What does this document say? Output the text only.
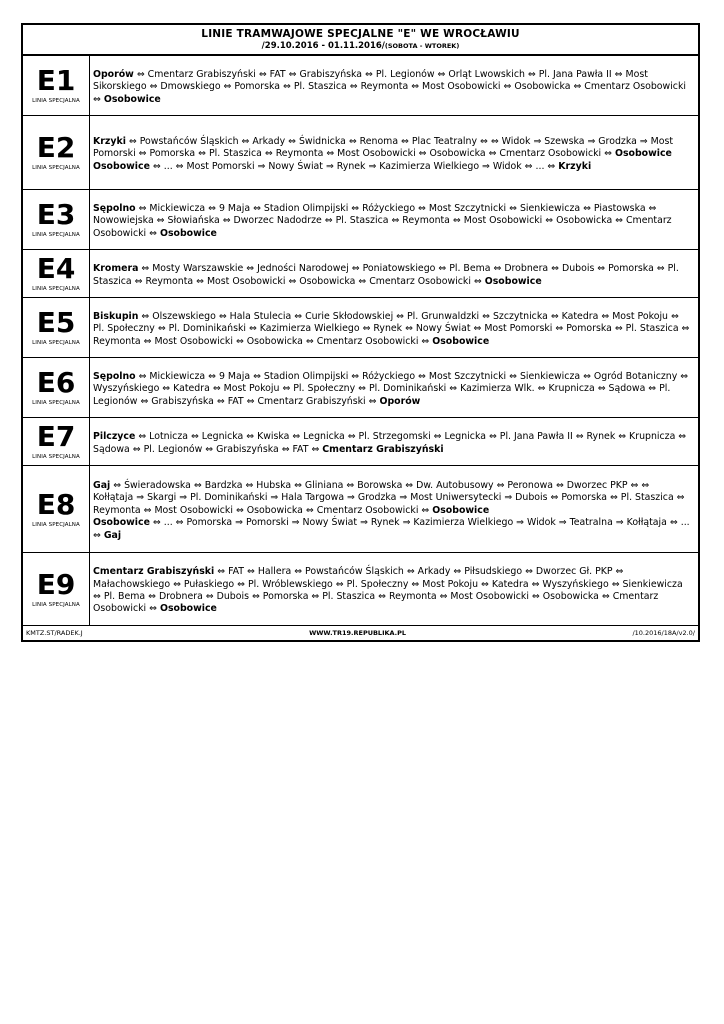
LINIE TRAMWAJOWE SPECJALNE "E" WE WROCŁAWIU
/29.10.2016 - 01.11.2016/(SOBOTA - WTOREK)
E1
LINIA SPECJALNA

Oporów ⇔ Cmentarz Grabiszyński ⇔ FAT ⇔ Grabiszyńska ⇔ Pl. Legionów ⇔ Orląt Lwowskich ⇔ Pl. Jana Pawła II ⇔ Most Sikorskiego ⇔ Dmowskiego ⇔ Pomorska ⇔ Pl. Staszica ⇔ Reymonta ⇔ Most Osobowicki ⇔ Osobowicka ⇔ Cmentarz Osobowicki ⇔ Osobowice

E2
LINIA SPECJALNA

Krzyki ⇔ Powstańców Śląskich ⇔ Arkady ⇔ Świdnicka ⇔ Renoma ⇔ Plac Teatralny ⇔ ⇔ Widok ⇒ Szewska ⇒ Grodzka ⇒ Most Pomorski ⇔ Pomorska ⇔ Pl. Staszica ⇔ Reymonta ⇔ Most Osobowicki ⇔ Osobowicka ⇔ Cmentarz Osobowicki ⇔ Osobowice

Osobowice ⇔ ... ⇔ Most Pomorski ⇒ Nowy Świat ⇒ Rynek ⇒ Kazimierza Wielkiego ⇒ Widok ⇔ ... ⇔ Krzyki

E3
LINIA SPECJALNA

Sępolno ⇔ Mickiewicza ⇔ 9 Maja ⇔ Stadion Olimpijski ⇔ Różyckiego ⇔ Most Szczytnicki ⇔ Sienkiewicza ⇔ Piastowska ⇔ Nowowiejska ⇔ Słowiańska ⇔ Dworzec Nadodrze ⇔ Pl. Staszica ⇔ Reymonta ⇔ Most Osobowicki ⇔ Osobowicka ⇔ Cmentarz Osobowicki ⇔ Osobowice

E4
LINIA SPECJALNA

Kromera ⇔ Mosty Warszawskie ⇔ Jedności Narodowej ⇔ Poniatowskiego ⇔ Pl. Bema ⇔ Drobnera ⇔ Dubois ⇔ Pomorska ⇔ Pl. Staszica ⇔ Reymonta ⇔ Most Osobowicki ⇔ Osobowicka ⇔ Cmentarz Osobowicki ⇔ Osobowice

E5
LINIA SPECJALNA

Biskupin ⇔ Olszewskiego ⇔ Hala Stulecia ⇔ Curie Skłodowskiej ⇔ Pl. Grunwaldzki ⇔ Szczytnicka ⇔ Katedra ⇔ Most Pokoju ⇔ Pl. Społeczny ⇔ Pl. Dominikański ⇔ Kazimierza Wielkiego ⇔ Rynek ⇔ Nowy Świat ⇔ Most Pomorski ⇔ Pomorska ⇔ Pl. Staszica ⇔ Reymonta ⇔ Most Osobowicki ⇔ Osobowicka ⇔ Cmentarz Osobowicki ⇔ Osobowice

E6
LINIA SPECJALNA

Sępolno ⇔ Mickiewicza ⇔ 9 Maja ⇔ Stadion Olimpijski ⇔ Różyckiego ⇔ Most Szczytnicki ⇔ Sienkiewicza ⇔ Ogród Botaniczny ⇔ Wyszyńskiego ⇔ Katedra ⇔ Most Pokoju ⇔ Pl. Społeczny ⇔ Pl. Dominikański ⇔ Kazimierza Wlk. ⇔ Krupnicza ⇔ Sądowa ⇔ Pl. Legionów ⇔ Grabiszyńska ⇔ FAT ⇔ Cmentarz Grabiszyński ⇔ Oporów

E7
LINIA SPECJALNA

Pilczyce ⇔ Lotnicza ⇔ Legnicka ⇔ Kwiska ⇔ Legnicka ⇔ Pl. Strzegomski ⇔ Legnicka ⇔ Pl. Jana Pawła II ⇔ Rynek ⇔ Krupnicza ⇔ Sądowa ⇔ Pl. Legionów ⇔ Grabiszyńska ⇔ FAT ⇔ Cmentarz Grabiszyński

E8
LINIA SPECJALNA

Gaj ⇔ Świeradowska ⇔ Bardzka ⇔ Hubska ⇔ Gliniana ⇔ Borowska ⇔ Dw. Autobusowy ⇔ Peronowa ⇔ Dworzec PKP ⇔ ⇔ Kołłątaja ⇒ Skargi ⇒ Pl. Dominikański ⇒ Hala Targowa ⇒ Grodzka ⇒ Most Uniwersytecki ⇒ Dubois ⇔ Pomorska ⇔ Pl. Staszica ⇔ Reymonta ⇔ Most Osobowicki ⇔ Osobowicka ⇔ Cmentarz Osobowicki ⇔ Osobowice

Osobowice ⇔ ... ⇔ Pomorska ⇒ Pomorski ⇒ Nowy Świat ⇒ Rynek ⇒ Kazimierza Wielkiego ⇒ Widok ⇒ Teatralna ⇒ Kołłątaja ⇔ ... ⇔ Gaj

E9
LINIA SPECJALNA

Cmentarz Grabiszyński ⇔ FAT ⇔ Hallera ⇔ Powstańców Śląskich ⇔ Arkady ⇔ Piłsudskiego ⇔ Dworzec Gł. PKP ⇔ Małachowskiego ⇔ Pułaskiego ⇔ Pl. Wróblewskiego ⇔ Pl. Społeczny ⇔ Most Pokoju ⇔ Katedra ⇔ Wyszyńskiego ⇔ Sienkiewicza ⇔ Pl. Bema ⇔ Drobnera ⇔ Dubois ⇔ Pomorska ⇔ Pl. Staszica ⇔ Reymonta ⇔ Most Osobowicki ⇔ Osobowicka ⇔ Cmentarz Osobowicki ⇔ Osobowice

KMTZ.ST/RADEK.J	WWW.TR19.REPUBLIKA.PL	/10.2016/18A/v2.0/
